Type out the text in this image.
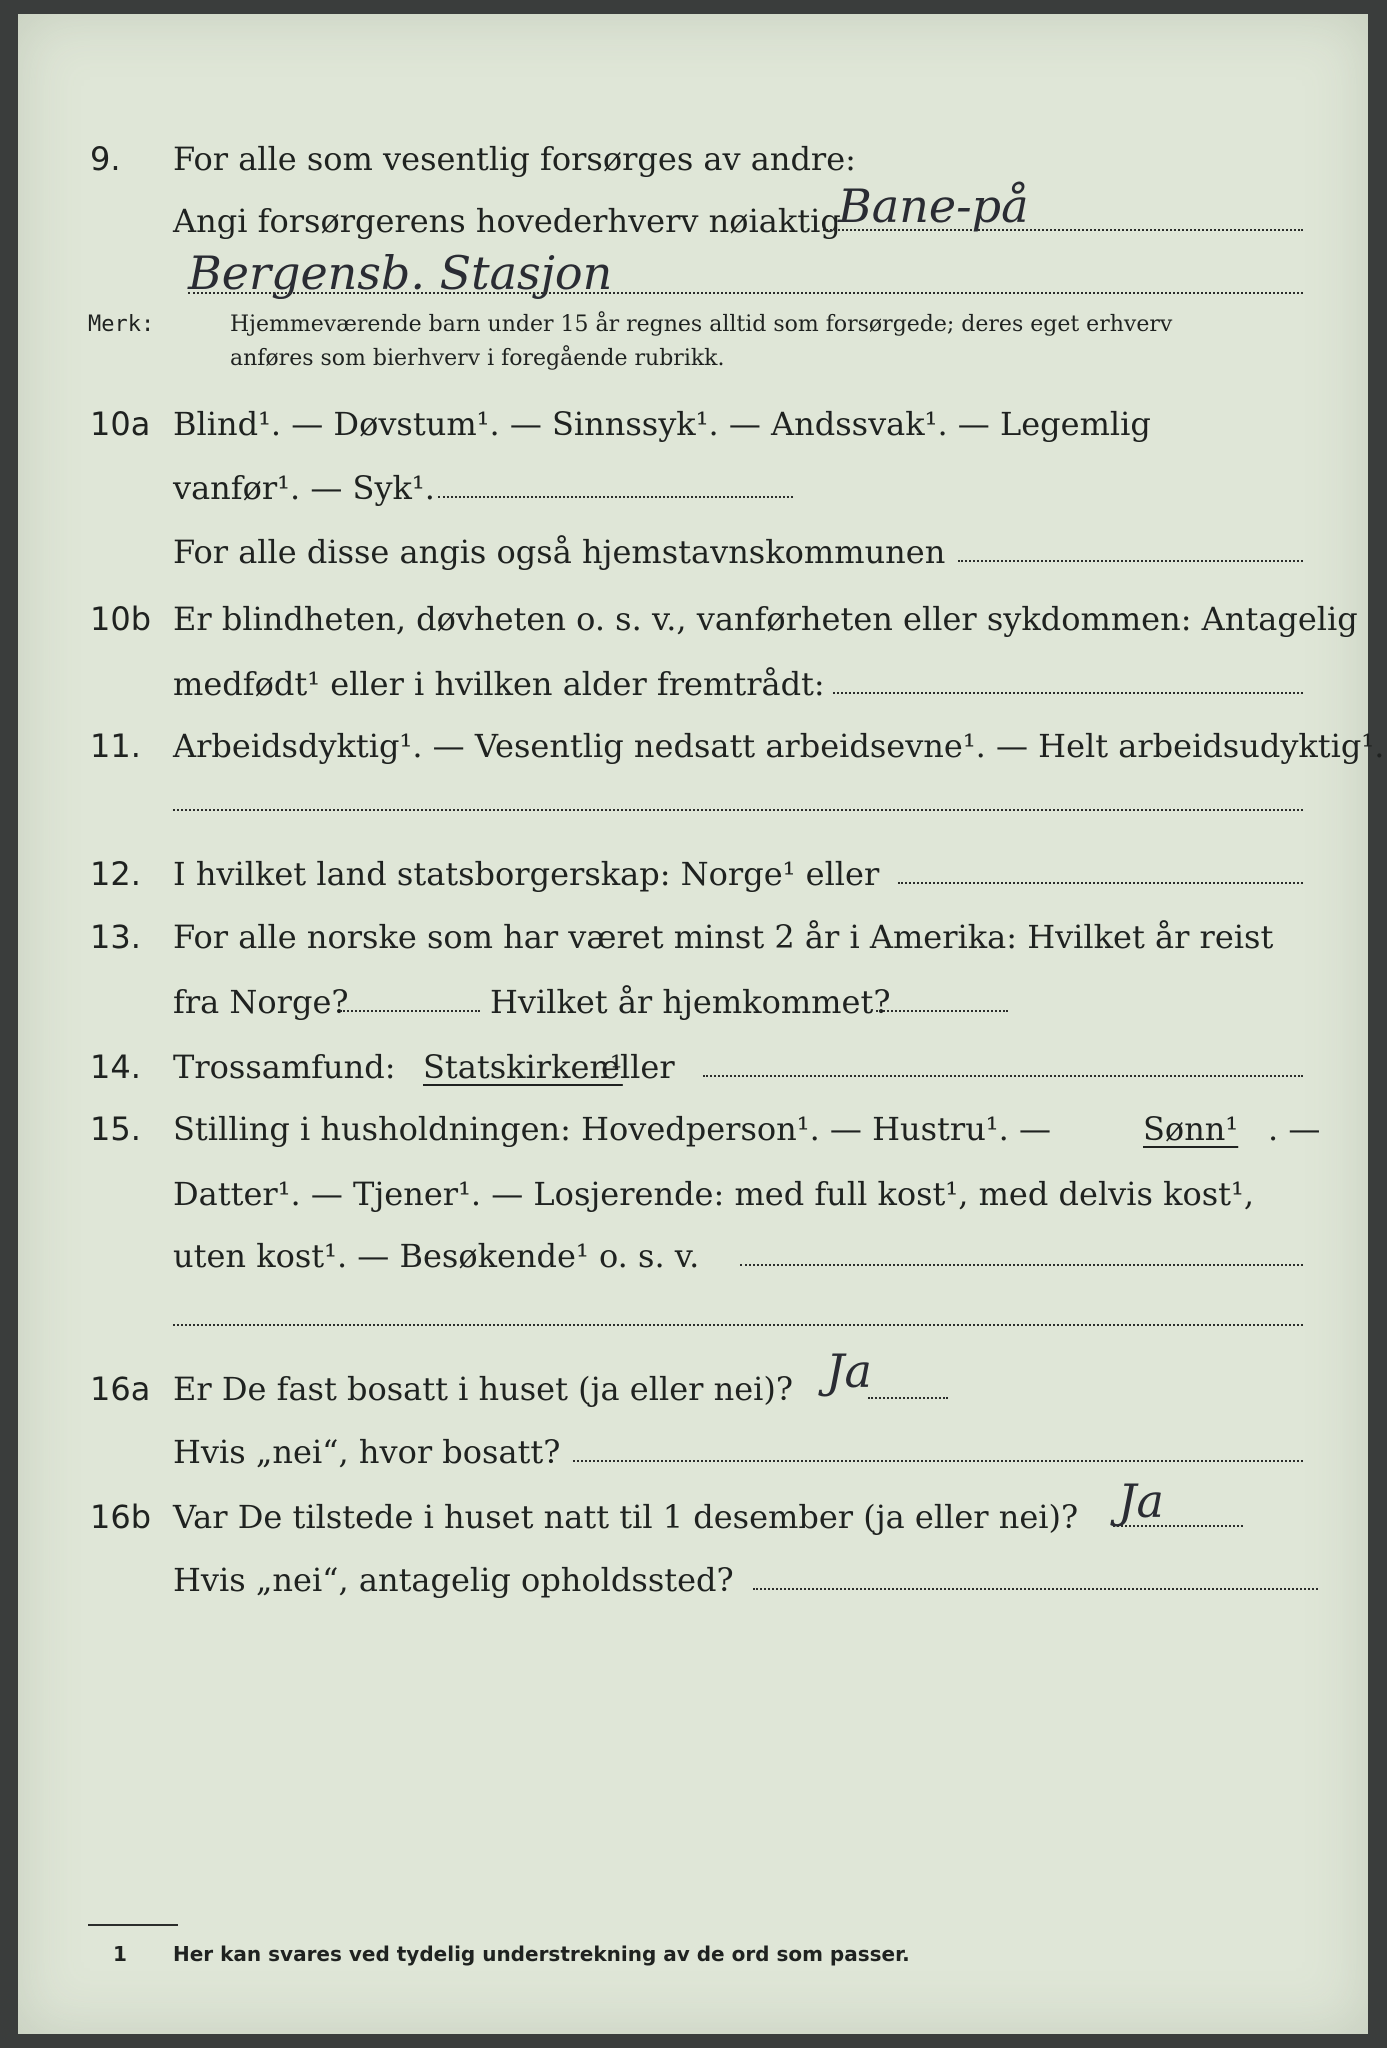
9. For alle som vesentlig forsørges av andre:
Angi forsørgerens hovederhverv nøiaktig
Bane-på
Bergensb. Stasjon
Merk:	Hjemmeværende barn under 15 år regnes alltid som forsørgede; deres eget erhverv
anføres som bierhverv i foregående rubrikk.
10a Blind¹. — Døvstum¹. — Sinnssyk¹. — Andssvak¹. — Legemlig
vanfør¹. — Syk¹.
For alle disse angis også hjemstavnskommunen
10b Er blindheten, døvheten o. s. v., vanførheten eller sykdommen: Antagelig
medfødt¹ eller i hvilken alder fremtrådt:
11. Arbeidsdyktig¹. — Vesentlig nedsatt arbeidsevne¹. — Helt arbeidsudyktig¹.
12. I hvilket land statsborgerskap: Norge¹ eller
13. For alle norske som har været minst 2 år i Amerika: Hvilket år reist
fra Norge?	Hvilket år hjemkommet?
14. Trossamfund: Statskirken¹
eller
15. Stilling i husholdningen: Hovedperson¹. — Hustru¹. —	Sønn¹ . —
Datter¹. — Tjener¹. — Losjerende: med full kost¹, med delvis kost¹,
uten kost¹. — Besøkende¹ o. s. v.
16a Er De fast bosatt i huset (ja eller nei)? Ja
Hvis „nei“, hvor bosatt?
16b Var De tilstede i huset natt til 1 desember (ja eller nei)? Ja
Hvis „nei“, antagelig opholdssted?
1 Her kan svares ved tydelig understrekning av de ord som passer.
